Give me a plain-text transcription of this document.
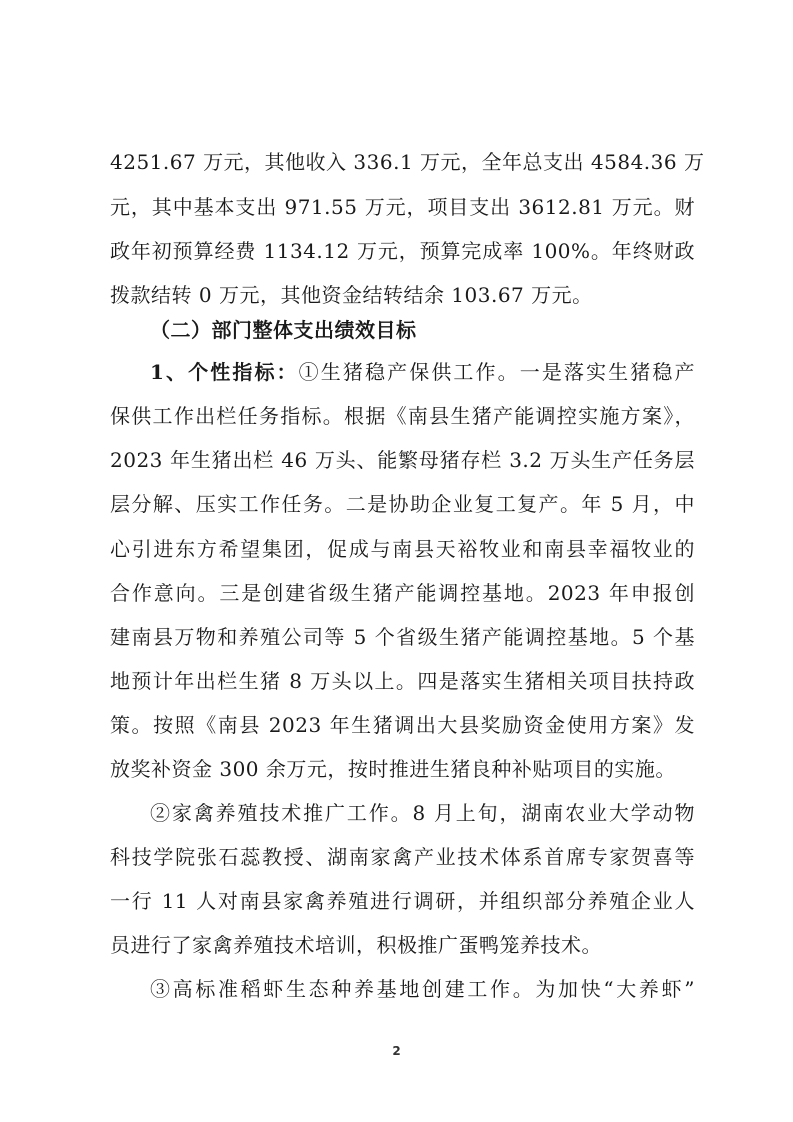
4251.67 万元，其他收入 336.1 万元，全年总支出 4584.36 万
元，其中基本支出 971.55 万元，项目支出 3612.81 万元。财
政年初预算经费 1134.12 万元，预算完成率 100%。年终财政
拨款结转 0 万元，其他资金结转结余 103.67 万元。
（二）部门整体支出绩效目标
1、个性指标：①生猪稳产保供工作。一是落实生猪稳产
保供工作出栏任务指标。根据《南县生猪产能调控实施方案》，
2023 年生猪出栏 46 万头、能繁母猪存栏 3.2 万头生产任务层
层分解、压实工作任务。二是协助企业复工复产。年 5 月，中
心引进东方希望集团，促成与南县天裕牧业和南县幸福牧业的
合作意向。三是创建省级生猪产能调控基地。2023 年申报创
建南县万物和养殖公司等 5 个省级生猪产能调控基地。5 个基
地预计年出栏生猪 8 万头以上。四是落实生猪相关项目扶持政
策。按照《南县 2023 年生猪调出大县奖励资金使用方案》发
放奖补资金 300 余万元，按时推进生猪良种补贴项目的实施。
②家禽养殖技术推广工作。8 月上旬，湖南农业大学动物
科技学院张石蕊教授、湖南家禽产业技术体系首席专家贺喜等
一行 11 人对南县家禽养殖进行调研，并组织部分养殖企业人
员进行了家禽养殖技术培训，积极推广蛋鸭笼养技术。
③高标准稻虾生态种养基地创建工作。为加快“大养虾”
2
